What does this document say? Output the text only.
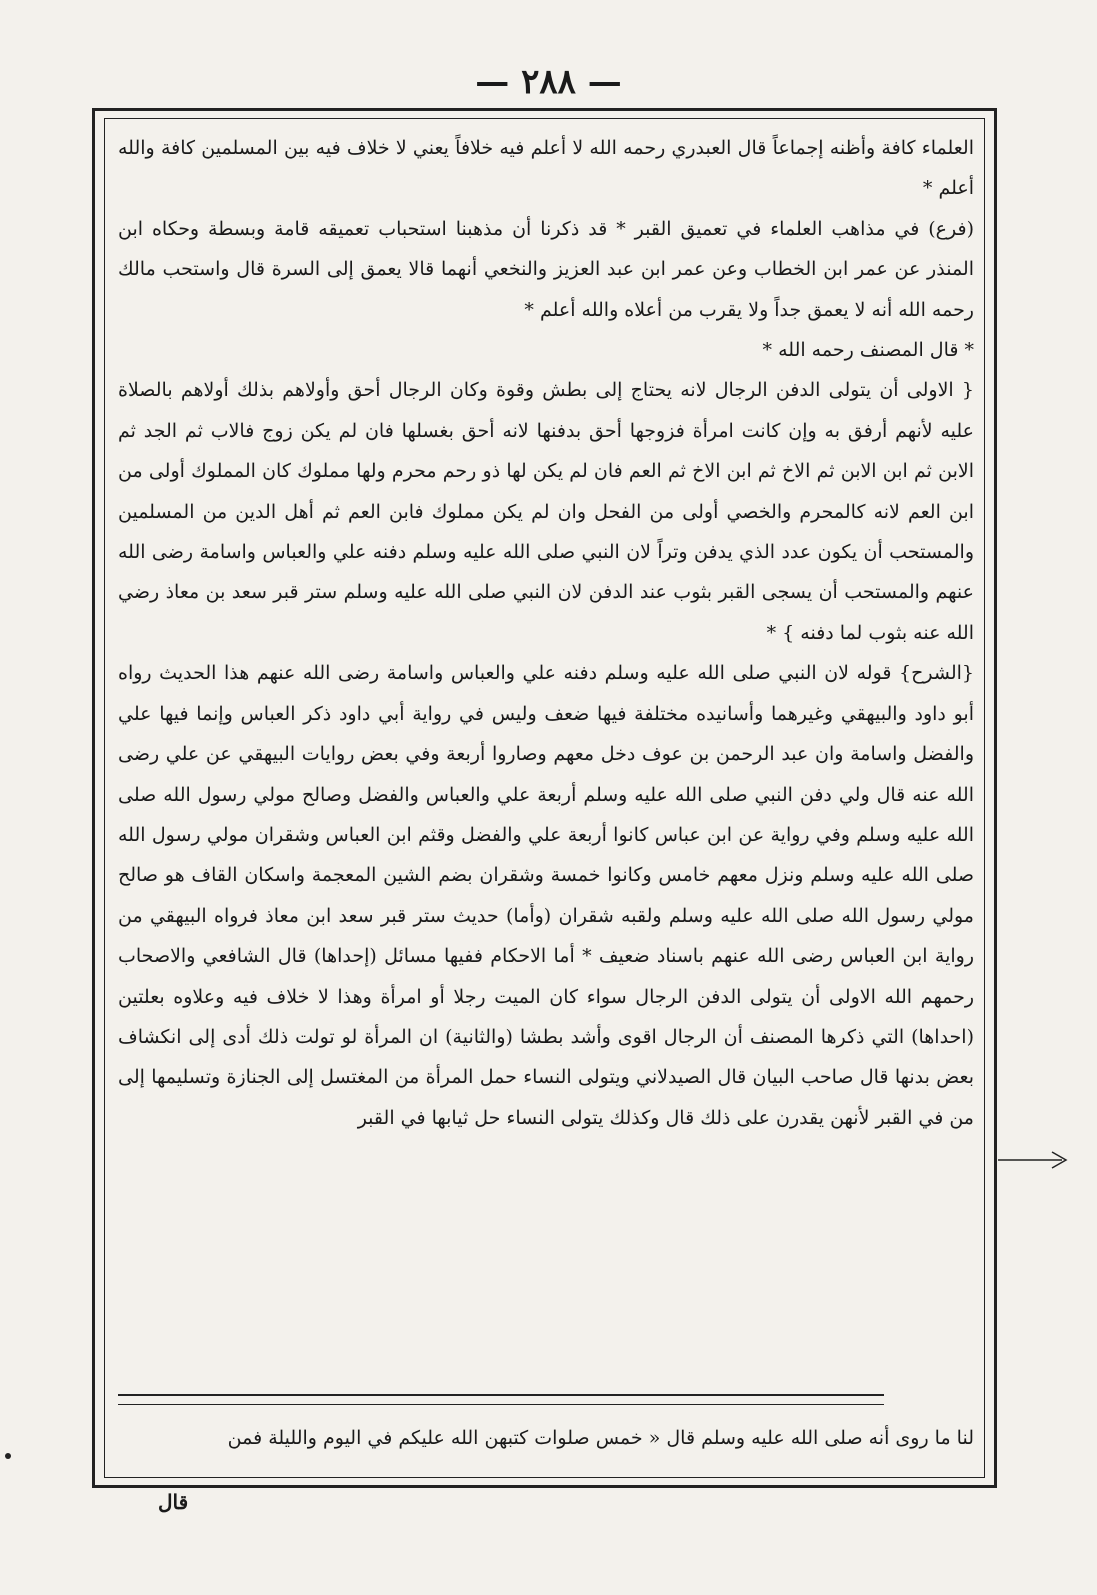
— ٢٨٨ —

العلماء كافة وأظنه إجماعاً قال العبدري رحمه الله لا أعلم فيه خلافاً يعني لا خلاف فيه بين المسلمين كافة والله أعلم *

(فرع) في مذاهب العلماء في تعميق القبر * قد ذكرنا أن مذهبنا استحباب تعميقه قامة وبسطة وحكاه ابن المنذر عن عمر ابن الخطاب وعن عمر ابن عبد العزيز والنخعي أنهما قالا يعمق إلى السرة قال واستحب مالك رحمه الله أنه لا يعمق جداً ولا يقرب من أعلاه والله أعلم *

* قال المصنف رحمه الله *

{ الاولى أن يتولى الدفن الرجال لانه يحتاج إلى بطش وقوة وكان الرجال أحق وأولاهم بذلك أولاهم بالصلاة عليه لأنهم أرفق به وإن كانت امرأة فزوجها أحق بدفنها لانه أحق بغسلها فان لم يكن زوج فالاب ثم الجد ثم الابن ثم ابن الابن ثم الاخ ثم ابن الاخ ثم العم فان لم يكن لها ذو رحم محرم ولها مملوك كان المملوك أولى من ابن العم لانه كالمحرم والخصي أولى من الفحل وان لم يكن مملوك فابن العم ثم أهل الدين من المسلمين والمستحب أن يكون عدد الذي يدفن وتراً لان النبي صلى الله عليه وسلم دفنه علي والعباس واسامة رضى الله عنهم والمستحب أن يسجى القبر بثوب عند الدفن لان النبي صلى الله عليه وسلم ستر قبر سعد بن معاذ رضي الله عنه بثوب لما دفنه } *

{الشرح} قوله لان النبي صلى الله عليه وسلم دفنه علي والعباس واسامة رضى الله عنهم هذا الحديث رواه أبو داود والبيهقي وغيرهما وأسانيده مختلفة فيها ضعف وليس في رواية أبي داود ذكر العباس وإنما فيها علي والفضل واسامة وان عبد الرحمن بن عوف دخل معهم وصاروا أربعة وفي بعض روايات البيهقي عن علي رضى الله عنه قال ولي دفن النبي صلى الله عليه وسلم أربعة علي والعباس والفضل وصالح مولي رسول الله صلى الله عليه وسلم وفي رواية عن ابن عباس كانوا أربعة علي والفضل وقثم ابن العباس وشقران مولي رسول الله صلى الله عليه وسلم ونزل معهم خامس وكانوا خمسة وشقران بضم الشين المعجمة واسكان القاف هو صالح مولي رسول الله صلى الله عليه وسلم ولقبه شقران (وأما) حديث ستر قبر سعد ابن معاذ فرواه البيهقي من رواية ابن العباس رضى الله عنهم باسناد ضعيف * أما الاحكام ففيها مسائل (إحداها) قال الشافعي والاصحاب رحمهم الله الاولى أن يتولى الدفن الرجال سواء كان الميت رجلا أو امرأة وهذا لا خلاف فيه وعلاوه بعلتين (احداها) التي ذكرها المصنف أن الرجال اقوى وأشد بطشا (والثانية) ان المرأة لو تولت ذلك أدى إلى انكشاف بعض بدنها قال صاحب البيان قال الصيدلاني ويتولى النساء حمل المرأة من المغتسل إلى الجنازة وتسليمها إلى من في القبر لأنهن يقدرن على ذلك قال وكذلك يتولى النساء حل ثيابها في القبر

لنا ما روى أنه صلى الله عليه وسلم قال « خمس صلوات كتبهن الله عليكم في اليوم والليلة فمن
قال
